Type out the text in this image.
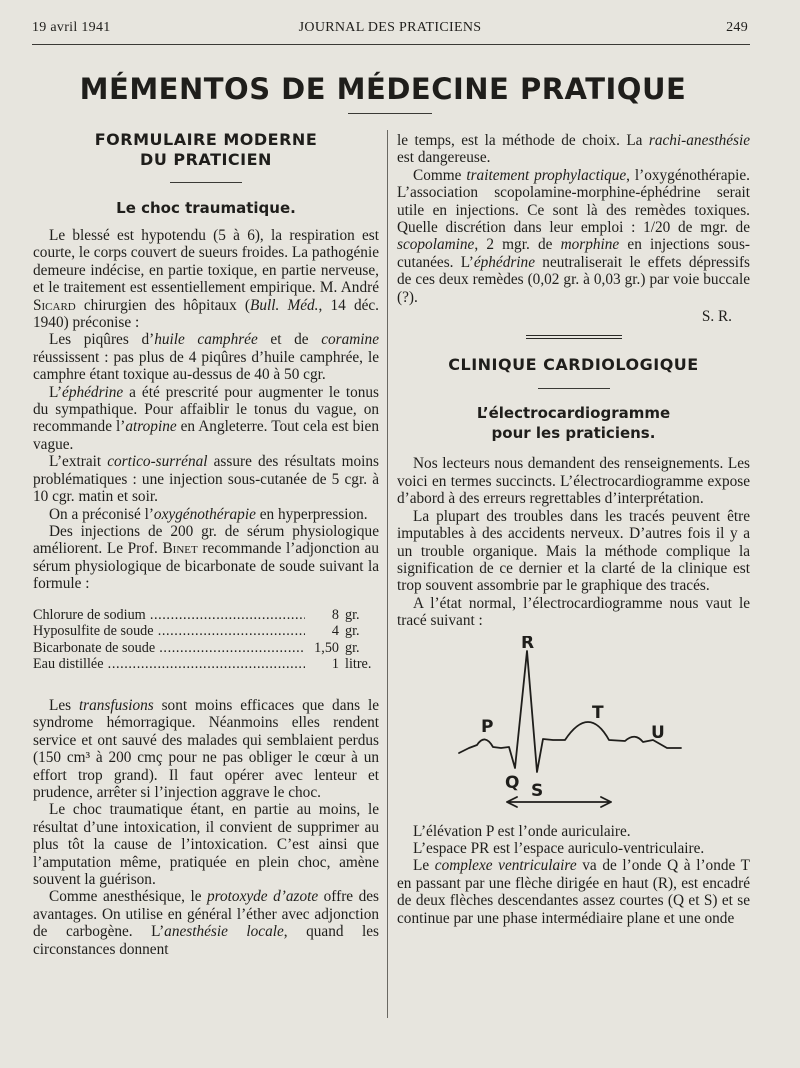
19 avril 1941	JOURNAL DES PRATICIENS	249
MÉMENTOS DE MÉDECINE PRATIQUE
FORMULAIRE MODERNE
DU PRATICIEN
Le choc traumatique.

Le blessé est hypotendu (5 à 6), la respiration est courte, le corps couvert de sueurs froides. La pathogénie demeure indécise, en partie toxique, en partie nerveuse, et le traitement est essentiellement empirique. M. André Sicard chirurgien des hôpitaux (Bull. Méd., 14 déc. 1940) préconise :

Les piqûres d’huile camphrée et de coramine réussissent : pas plus de 4 piqûres d’huile camphrée, le camphre étant toxique au-dessus de 40 à 50 cgr.

L’éphédrine a été prescrité pour augmenter le tonus du sympathique. Pour affaiblir le tonus du vague, on recommande l’atropine en Angleterre. Tout cela est bien vague.

L’extrait cortico-surrénal assure des résultats moins problématiques : une injection sous-cutanée de 5 cgr. à 10 cgr. matin et soir.

On a préconisé l’oxygénothérapie en hyperpression.

Des injections de 200 gr. de sérum physiologique améliorent. Le Prof. Binet recommande l’adjonction au sérum physiologique de bicarbonate de soude suivant la formule :

Chlorure de sodium .....	8 gr.
Hyposulfite de soude .....	4 gr.
Bicarbonate de soude .....	1,50 gr.
Eau distillée .....	1 litre.

Les transfusions sont moins efficaces que dans le syndrome hémorragique. Néanmoins elles rendent service et ont sauvé des malades qui semblaient perdus (150 cm³ à 200 cmç pour ne pas obliger le cœur à un effort trop grand). Il faut opérer avec lenteur et prudence, arrêter si l’injection aggrave le choc.

Le choc traumatique étant, en partie au moins, le résultat d’une intoxication, il convient de supprimer au plus tôt la cause de l’intoxication. C’est ainsi que l’amputation même, pratiquée en plein choc, amène souvent la guérison.

Comme anesthésique, le protoxyde d’azote offre des avantages. On utilise en général l’éther avec adjonction de carbogène. L’anesthésie locale, quand les circonstances donnent

le temps, est la méthode de choix. La rachi-anesthésie est dangereuse.

Comme traitement prophylactique, l’oxygénothérapie. L’association scopolamine-morphine-éphédrine serait utile en injections. Ce sont là des remèdes toxiques. Quelle discrétion dans leur emploi : 1/20 de mgr. de scopolamine, 2 mgr. de morphine en injections sous-cutanées. L’éphédrine neutraliserait le effets dépressifs de ces deux remèdes (0,02 gr. à 0,03 gr.) par voie buccale (?).

S. R.

CLINIQUE CARDIOLOGIQUE
L’électrocardiogramme
pour les praticiens.

Nos lecteurs nous demandent des renseignements. Les voici en termes succincts. L’électrocardiogramme expose d’abord à des erreurs regrettables d’interprétation.

La plupart des troubles dans les tracés peuvent être imputables à des accidents nerveux. D’autres fois il y a un trouble organique. Mais la méthode complique la signification de ce dernier et la clarté de la clinique est trop souvent assombrie par le graphique des tracés.

A l’état normal, l’électrocardiogramme nous vaut le tracé suivant :

P
R
T
U
Q S

L’élévation P est l’onde auriculaire.

L’espace PR est l’espace auriculo-ventriculaire.

Le complexe ventriculaire va de l’onde Q à l’onde T en passant par une flèche dirigée en haut (R), est encadré de deux flèches descendantes assez courtes (Q et S) et se continue par une phase intermédiaire plane et une onde
